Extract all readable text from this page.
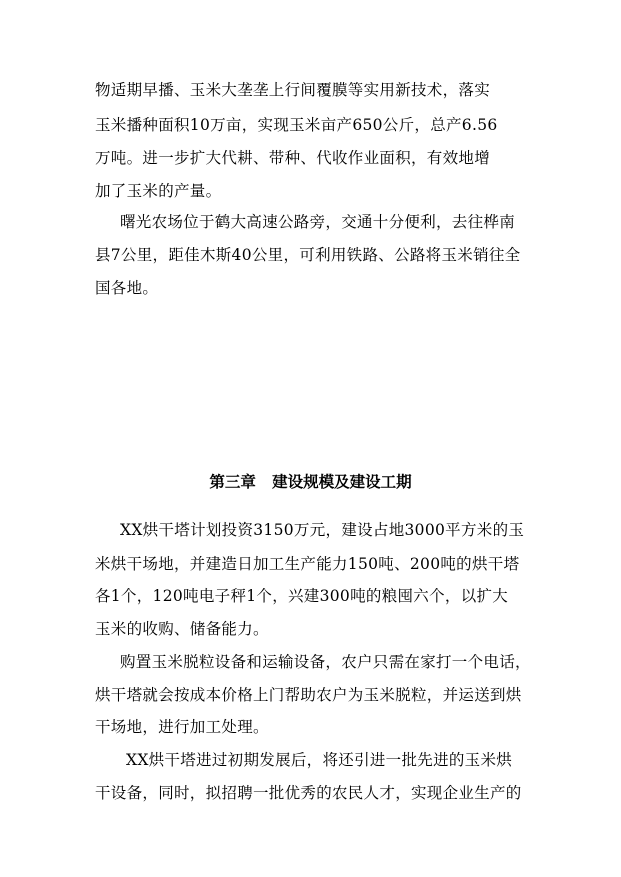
物适期早播、玉米大垄垄上行间覆膜等实用新技术，落实
玉米播种面积10万亩，实现玉米亩产650公斤，总产6.56
万吨。进一步扩大代耕、带种、代收作业面积，有效地增
加了玉米的产量。
曙光农场位于鹤大高速公路旁，交通十分便利，去往桦南
县7公里，距佳木斯40公里，可利用铁路、公路将玉米销往全
国各地。
第三章   建设规模及建设工期
XX烘干塔计划投资3150万元，建设占地3000平方米的玉
米烘干场地，并建造日加工生产能力150吨、200吨的烘干塔
各1个，120吨电子秤1个，兴建300吨的粮囤六个，以扩大
玉米的收购、储备能力。
购置玉米脱粒设备和运输设备，农户只需在家打一个电话，
烘干塔就会按成本价格上门帮助农户为玉米脱粒，并运送到烘
干场地，进行加工处理。
XX烘干塔进过初期发展后，将还引进一批先进的玉米烘
干设备，同时，拟招聘一批优秀的农民人才，实现企业生产的
